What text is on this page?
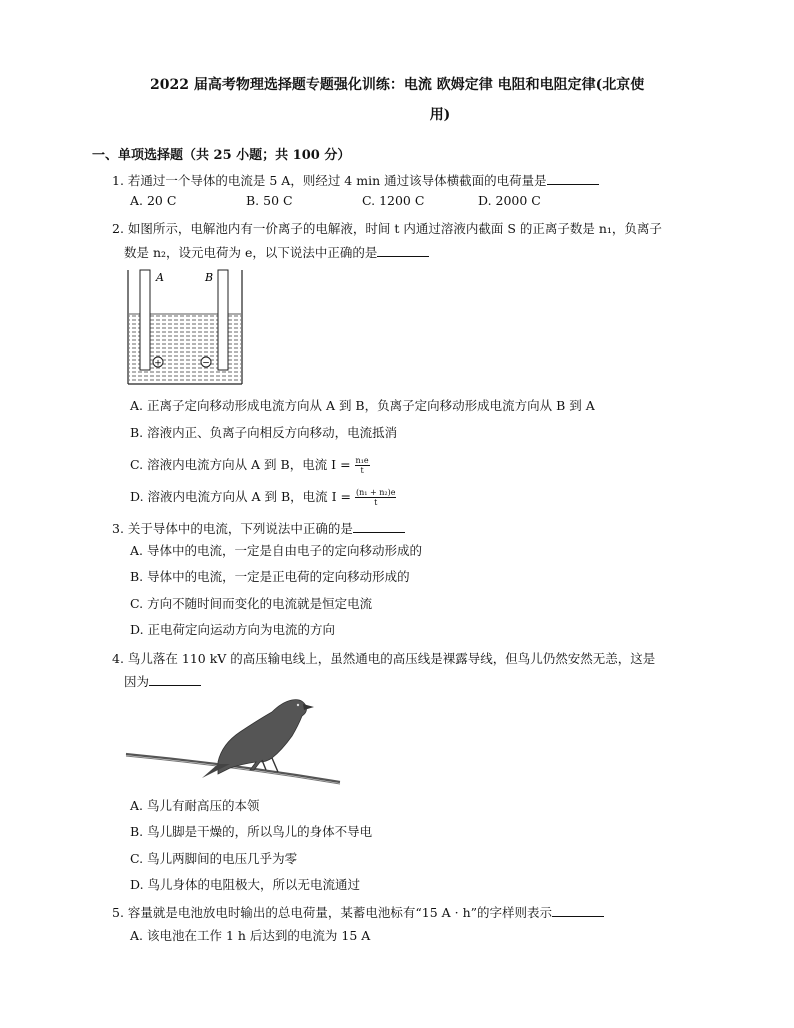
2022 届高考物理选择题专题强化训练：电流 欧姆定律 电阻和电阻定律(北京使
用)
一、单项选择题（共 25 小题；共 100 分）
1. 若通过一个导体的电流是 5 A，则经过 4 min 通过该导体横截面的电荷量是
A. 20 C	B. 50 C	C. 1200 C	D. 2000 C
2. 如图所示，电解池内有一价离子的电解液，时间 t 内通过溶液内截面 S 的正离子数是 n₁，负离子
数是 n₂，设元电荷为 e，以下说法中正确的是
+	−
A	B
A. 正离子定向移动形成电流方向从 A 到 B，负离子定向移动形成电流方向从 B 到 A
B. 溶液内正、负离子向相反方向移动，电流抵消
C. 溶液内电流方向从 A 到 B，电流 $I = \frac{\text{n₁e}}{t}$
D. 溶液内电流方向从 A 到 B，电流 $I = \frac{\text{(n₁ + n₂)e}}{t}$
3. 关于导体中的电流，下列说法中正确的是
A. 导体中的电流，一定是自由电子的定向移动形成的
B. 导体中的电流，一定是正电荷的定向移动形成的
C. 方向不随时间而变化的电流就是恒定电流
D. 正电荷定向运动方向为电流的方向
4. 鸟儿落在 110 kV 的高压输电线上，虽然通电的高压线是裸露导线，但鸟儿仍然安然无恙，这是
因为
A. 鸟儿有耐高压的本领
B. 鸟儿脚是干燥的，所以鸟儿的身体不导电
C. 鸟儿两脚间的电压几乎为零
D. 鸟儿身体的电阻极大，所以无电流通过
5. 容量就是电池放电时输出的总电荷量，某蓄电池标有“15 A · h”的字样则表示
A. 该电池在工作 1 h 后达到的电流为 15 A
